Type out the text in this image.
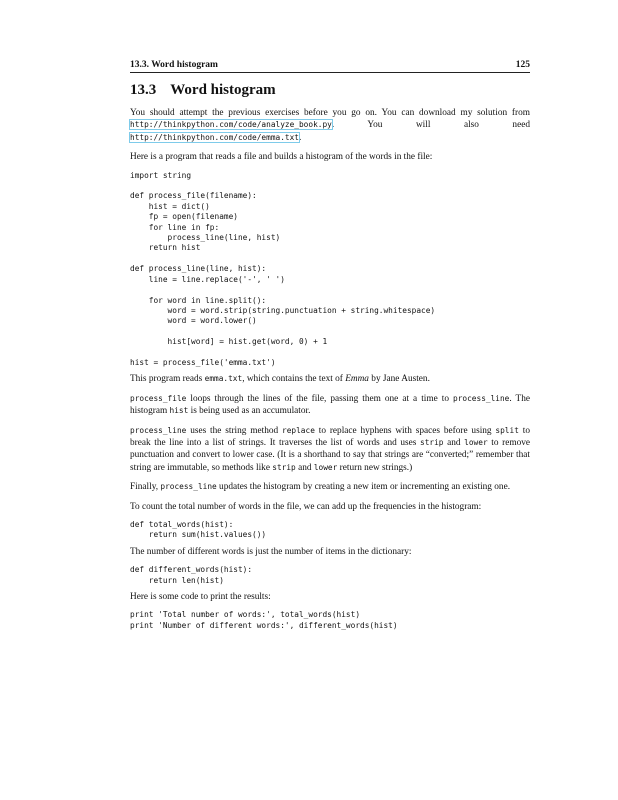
13.3. Word histogram	125
13.3 Word histogram

You should attempt the previous exercises before you go on. You can download my solution from http://thinkpython.com/code/analyze_book.py. You will also need http://thinkpython.com/code/emma.txt.

Here is a program that reads a file and builds a histogram of the words in the file:

import string

def process_file(filename):
hist = dict()
fp = open(filename)
for line in fp:
process_line(line, hist)
return hist

def process_line(line, hist):
line = line.replace('-', ' ')

for word in line.split():
word = word.strip(string.punctuation + string.whitespace)
word = word.lower()

hist[word] = hist.get(word, 0) + 1

hist = process_file('emma.txt')

This program reads emma.txt, which contains the text of Emma by Jane Austen.

process_file loops through the lines of the file, passing them one at a time to process_line. The histogram hist is being used as an accumulator.

process_line uses the string method replace to replace hyphens with spaces before using split to break the line into a list of strings. It traverses the list of words and uses strip and lower to remove punctuation and convert to lower case. (It is a shorthand to say that strings are “converted;” remember that string are immutable, so methods like strip and lower return new strings.)

Finally, process_line updates the histogram by creating a new item or incrementing an existing one.

To count the total number of words in the file, we can add up the frequencies in the histogram:

def total_words(hist):
return sum(hist.values())

The number of different words is just the number of items in the dictionary:

def different_words(hist):
return len(hist)

Here is some code to print the results:

print 'Total number of words:', total_words(hist)
print 'Number of different words:', different_words(hist)
